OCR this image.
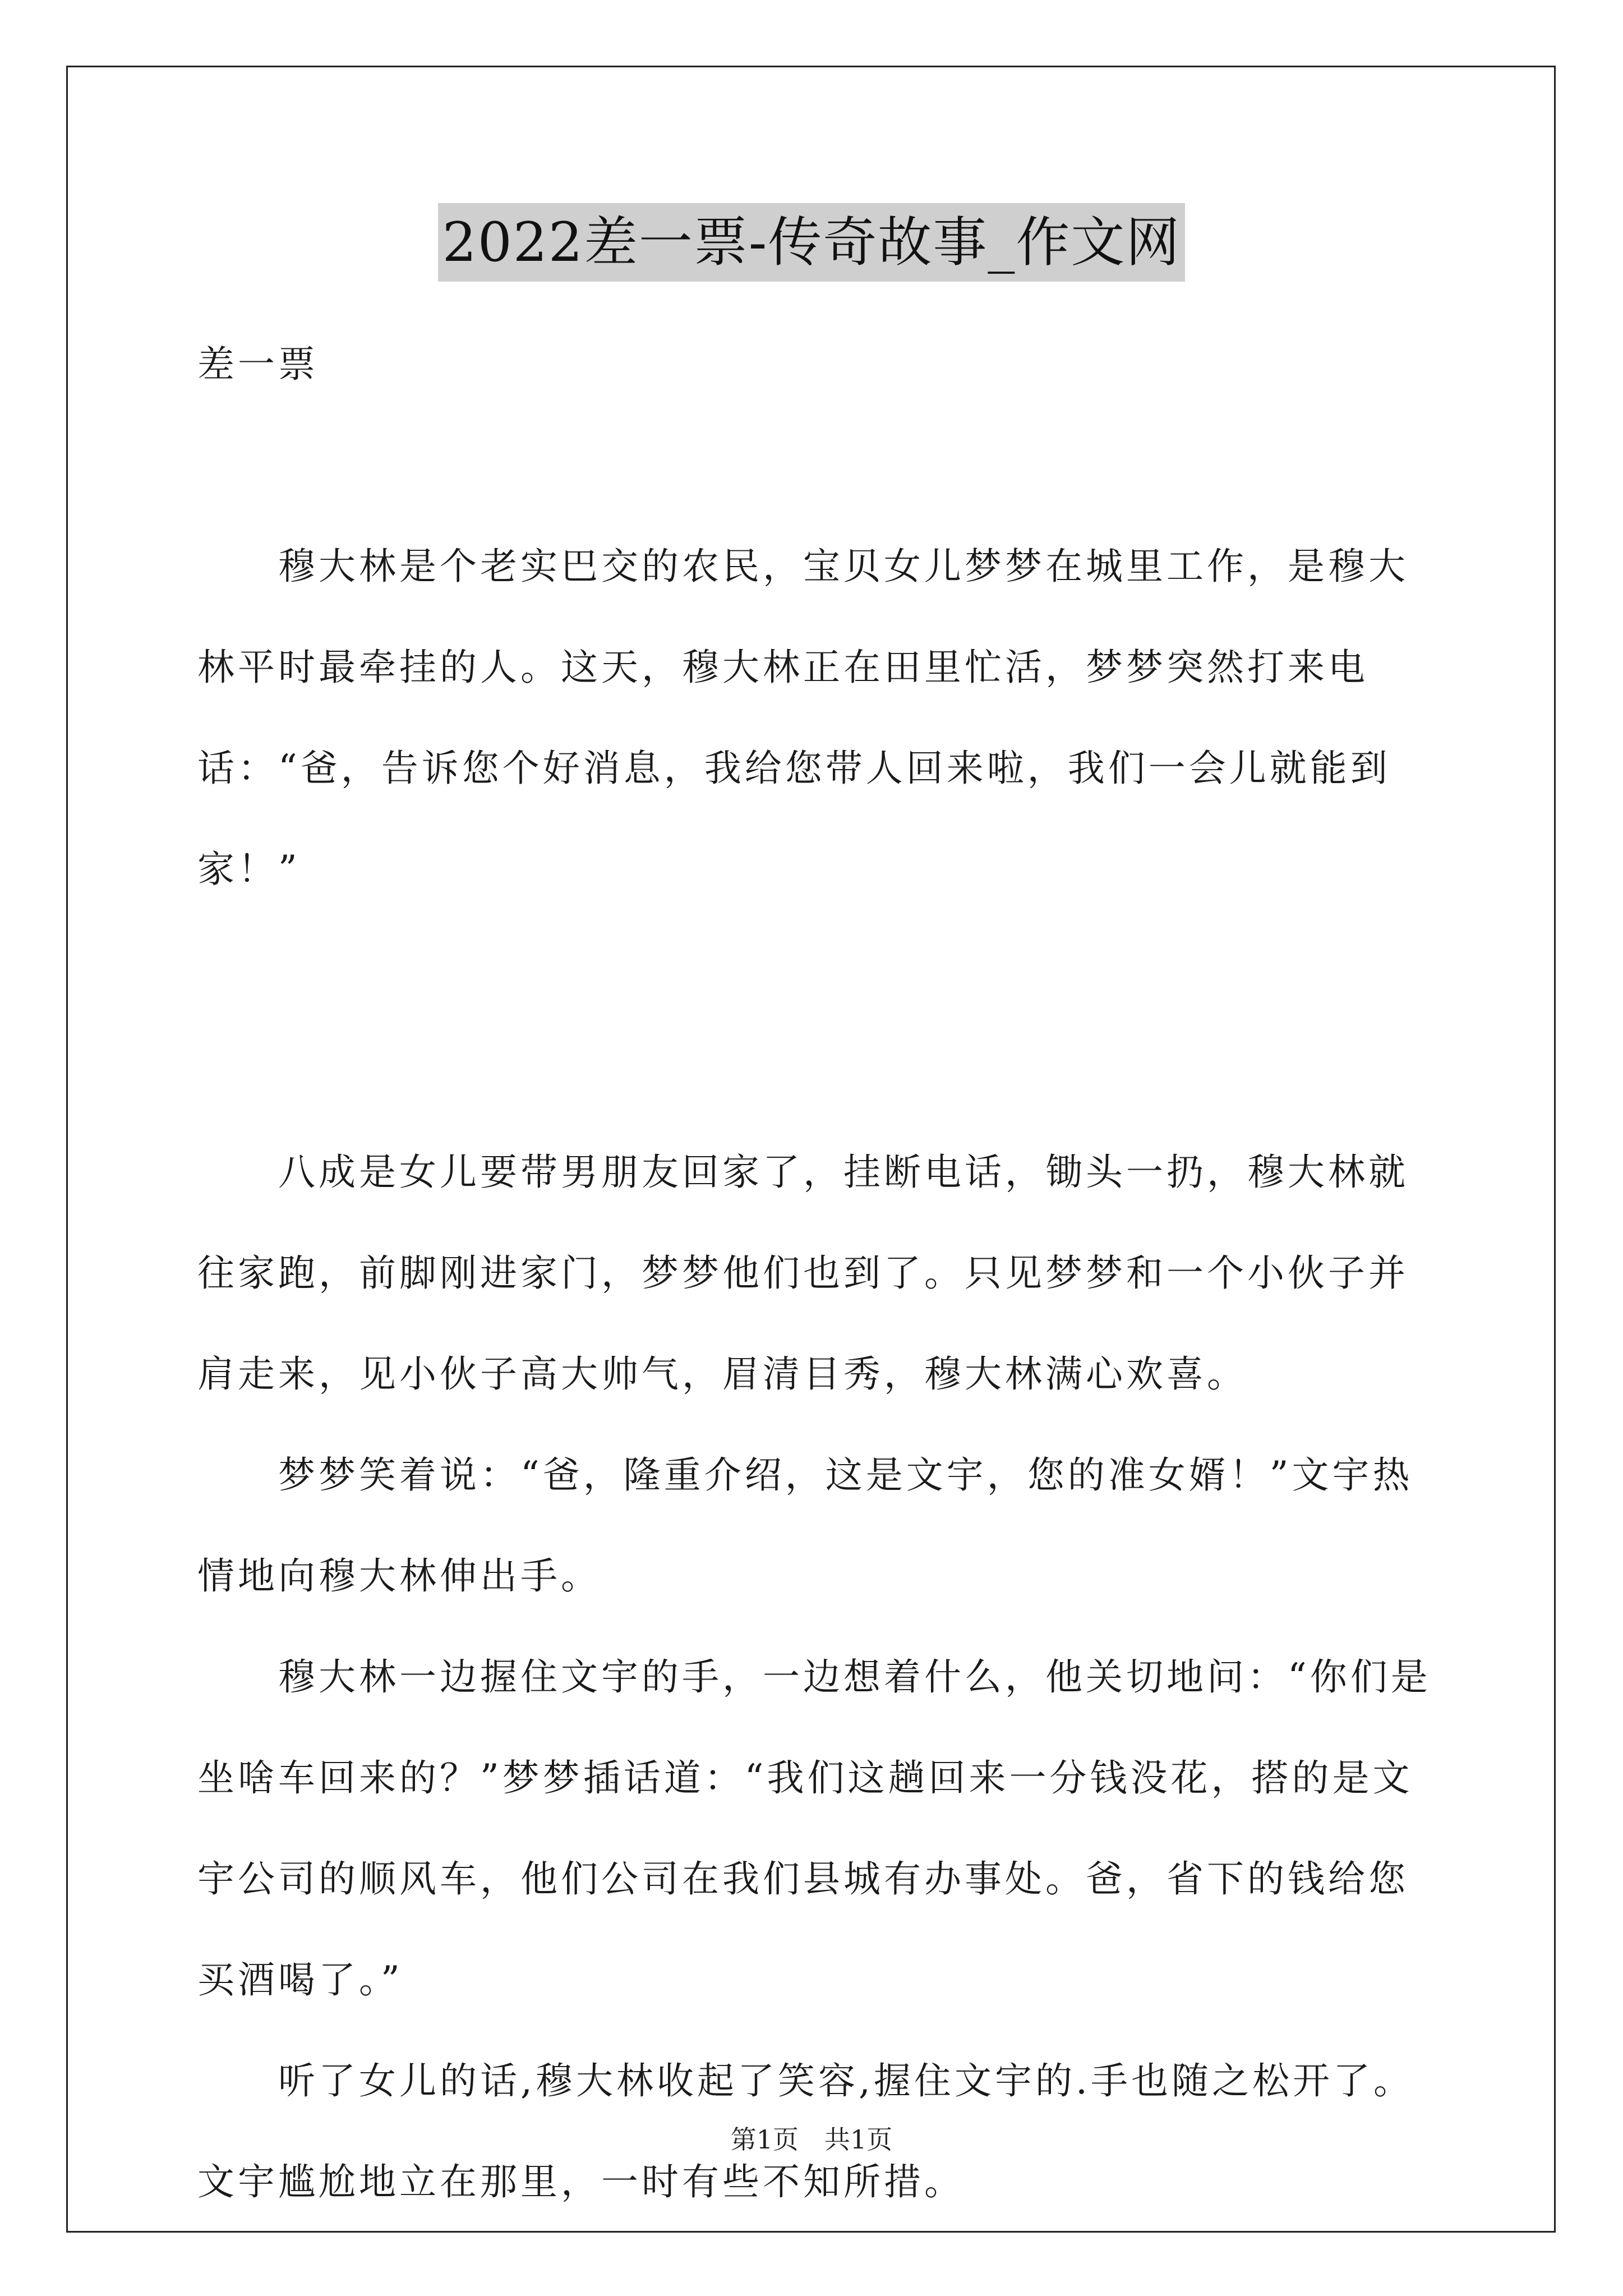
2022差一票-传奇故事_作文网

差一票

穆大林是个老实巴交的农民，宝贝女儿梦梦在城里工作，是穆大林平时最牵挂的人。这天，穆大林正在田里忙活，梦梦突然打来电话：“爸，告诉您个好消息，我给您带人回来啦，我们一会儿就能到家！”

八成是女儿要带男朋友回家了，挂断电话，锄头一扔，穆大林就往家跑，前脚刚进家门，梦梦他们也到了。只见梦梦和一个小伙子并肩走来，见小伙子高大帅气，眉清目秀，穆大林满心欢喜。

梦梦笑着说：“爸，隆重介绍，这是文宇，您的准女婿！”文宇热情地向穆大林伸出手。

穆大林一边握住文宇的手，一边想着什么，他关切地问：“你们是坐啥车回来的？”梦梦插话道：“我们这趟回来一分钱没花，搭的是文宇公司的顺风车，他们公司在我们县城有办事处。爸，省下的钱给您买酒喝了。”

听了女儿的话,穆大林收起了笑容,握住文宇的.手也随之松开了。文宇尴尬地立在那里，一时有些不知所措。

第1页　共1页
